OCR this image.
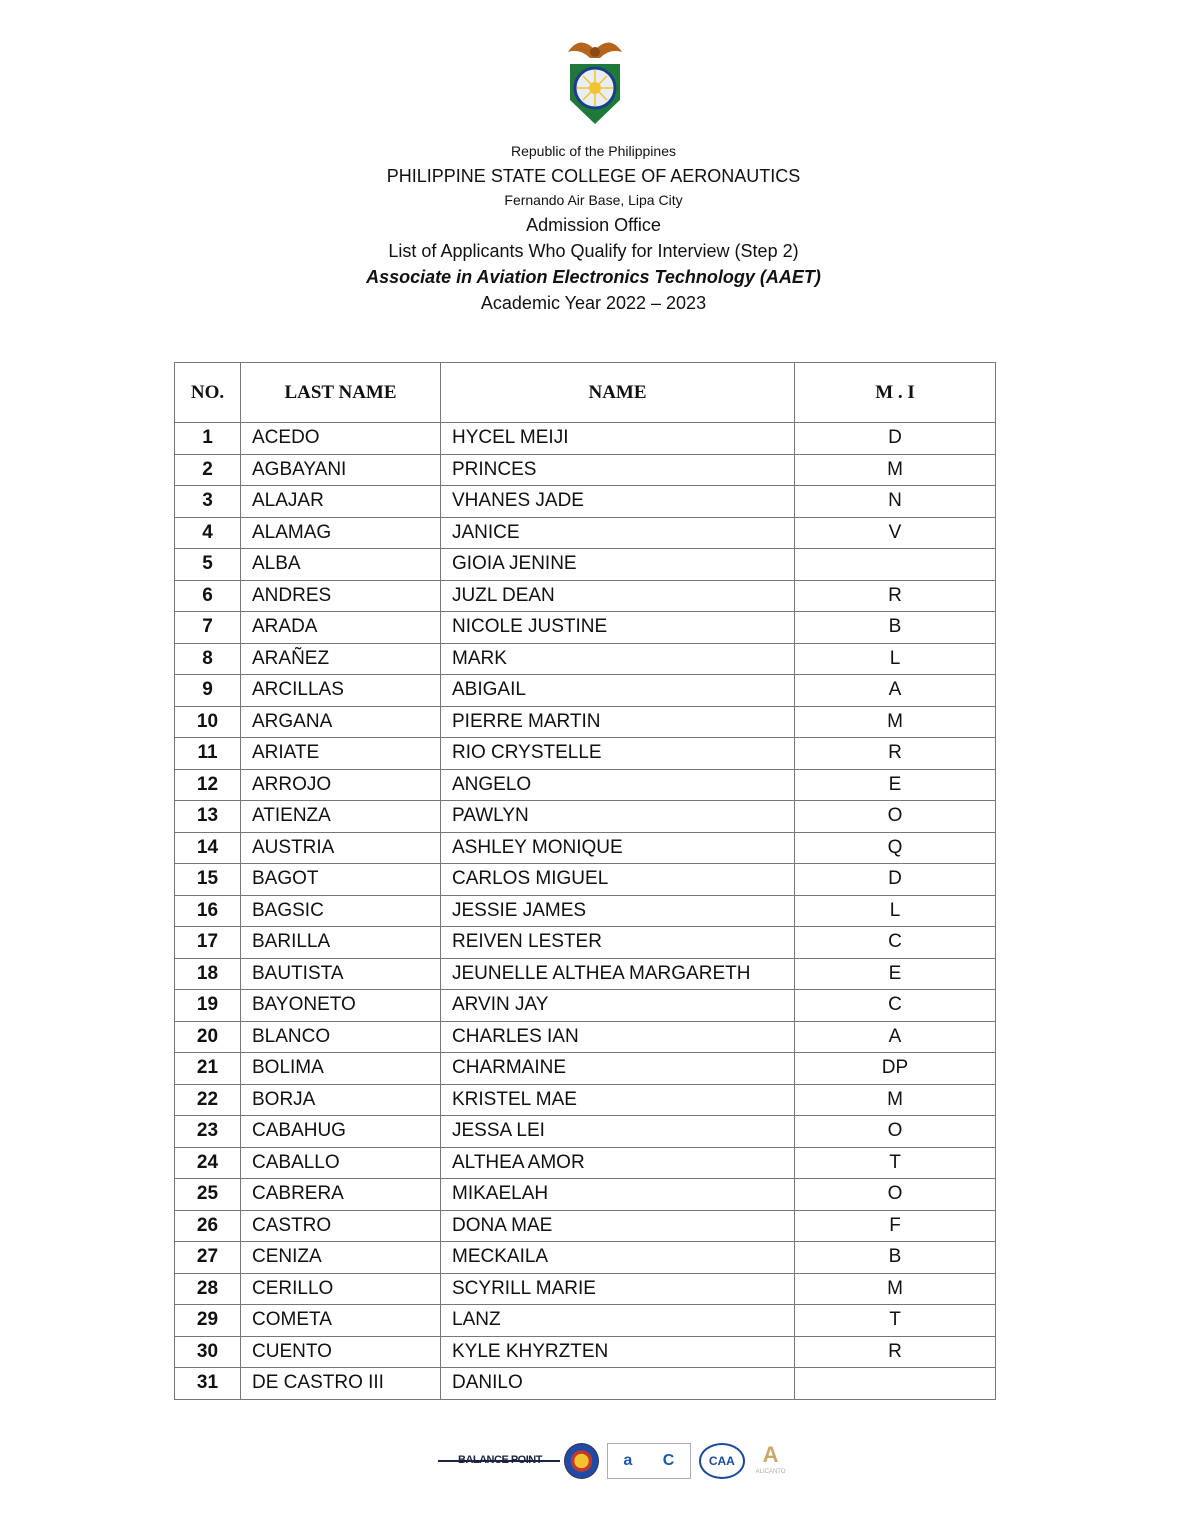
Republic of the Philippines
PHILIPPINE STATE COLLEGE OF AERONAUTICS
Fernando Air Base, Lipa City
Admission Office
List of Applicants Who Qualify for Interview (Step 2)
Associate in Aviation Electronics Technology (AAET)
Academic Year 2022 – 2023
NO.	LAST NAME	NAME	M . I
1	ACEDO	HYCEL MEIJI	D
2	AGBAYANI	PRINCES	M
3	ALAJAR	VHANES JADE	N
4	ALAMAG	JANICE	V
5	ALBA	GIOIA JENINE	
6	ANDRES	JUZL DEAN	R
7	ARADA	NICOLE JUSTINE	B
8	ARAÑEZ	MARK	L
9	ARCILLAS	ABIGAIL	A
10	ARGANA	PIERRE MARTIN	M
11	ARIATE	RIO CRYSTELLE	R
12	ARROJO	ANGELO	E
13	ATIENZA	PAWLYN	O
14	AUSTRIA	ASHLEY MONIQUE	Q
15	BAGOT	CARLOS MIGUEL	D
16	BAGSIC	JESSIE JAMES	L
17	BARILLA	REIVEN LESTER	C
18	BAUTISTA	JEUNELLE ALTHEA MARGARETH	E
19	BAYONETO	ARVIN JAY	C
20	BLANCO	CHARLES IAN	A
21	BOLIMA	CHARMAINE	DP
22	BORJA	KRISTEL MAE	M
23	CABAHUG	JESSA LEI	O
24	CABALLO	ALTHEA AMOR	T
25	CABRERA	MIKAELAH	O
26	CASTRO	DONA MAE	F
27	CENIZA	MECKAILA	B
28	CERILLO	SCYRILL MARIE	M
29	COMETA	LANZ	T
30	CUENTO	KYLE KHYRZTEN	R
31	DE CASTRO III	DANILO	
BALANCE POINT	a C	CAA	A
ALICANTO
